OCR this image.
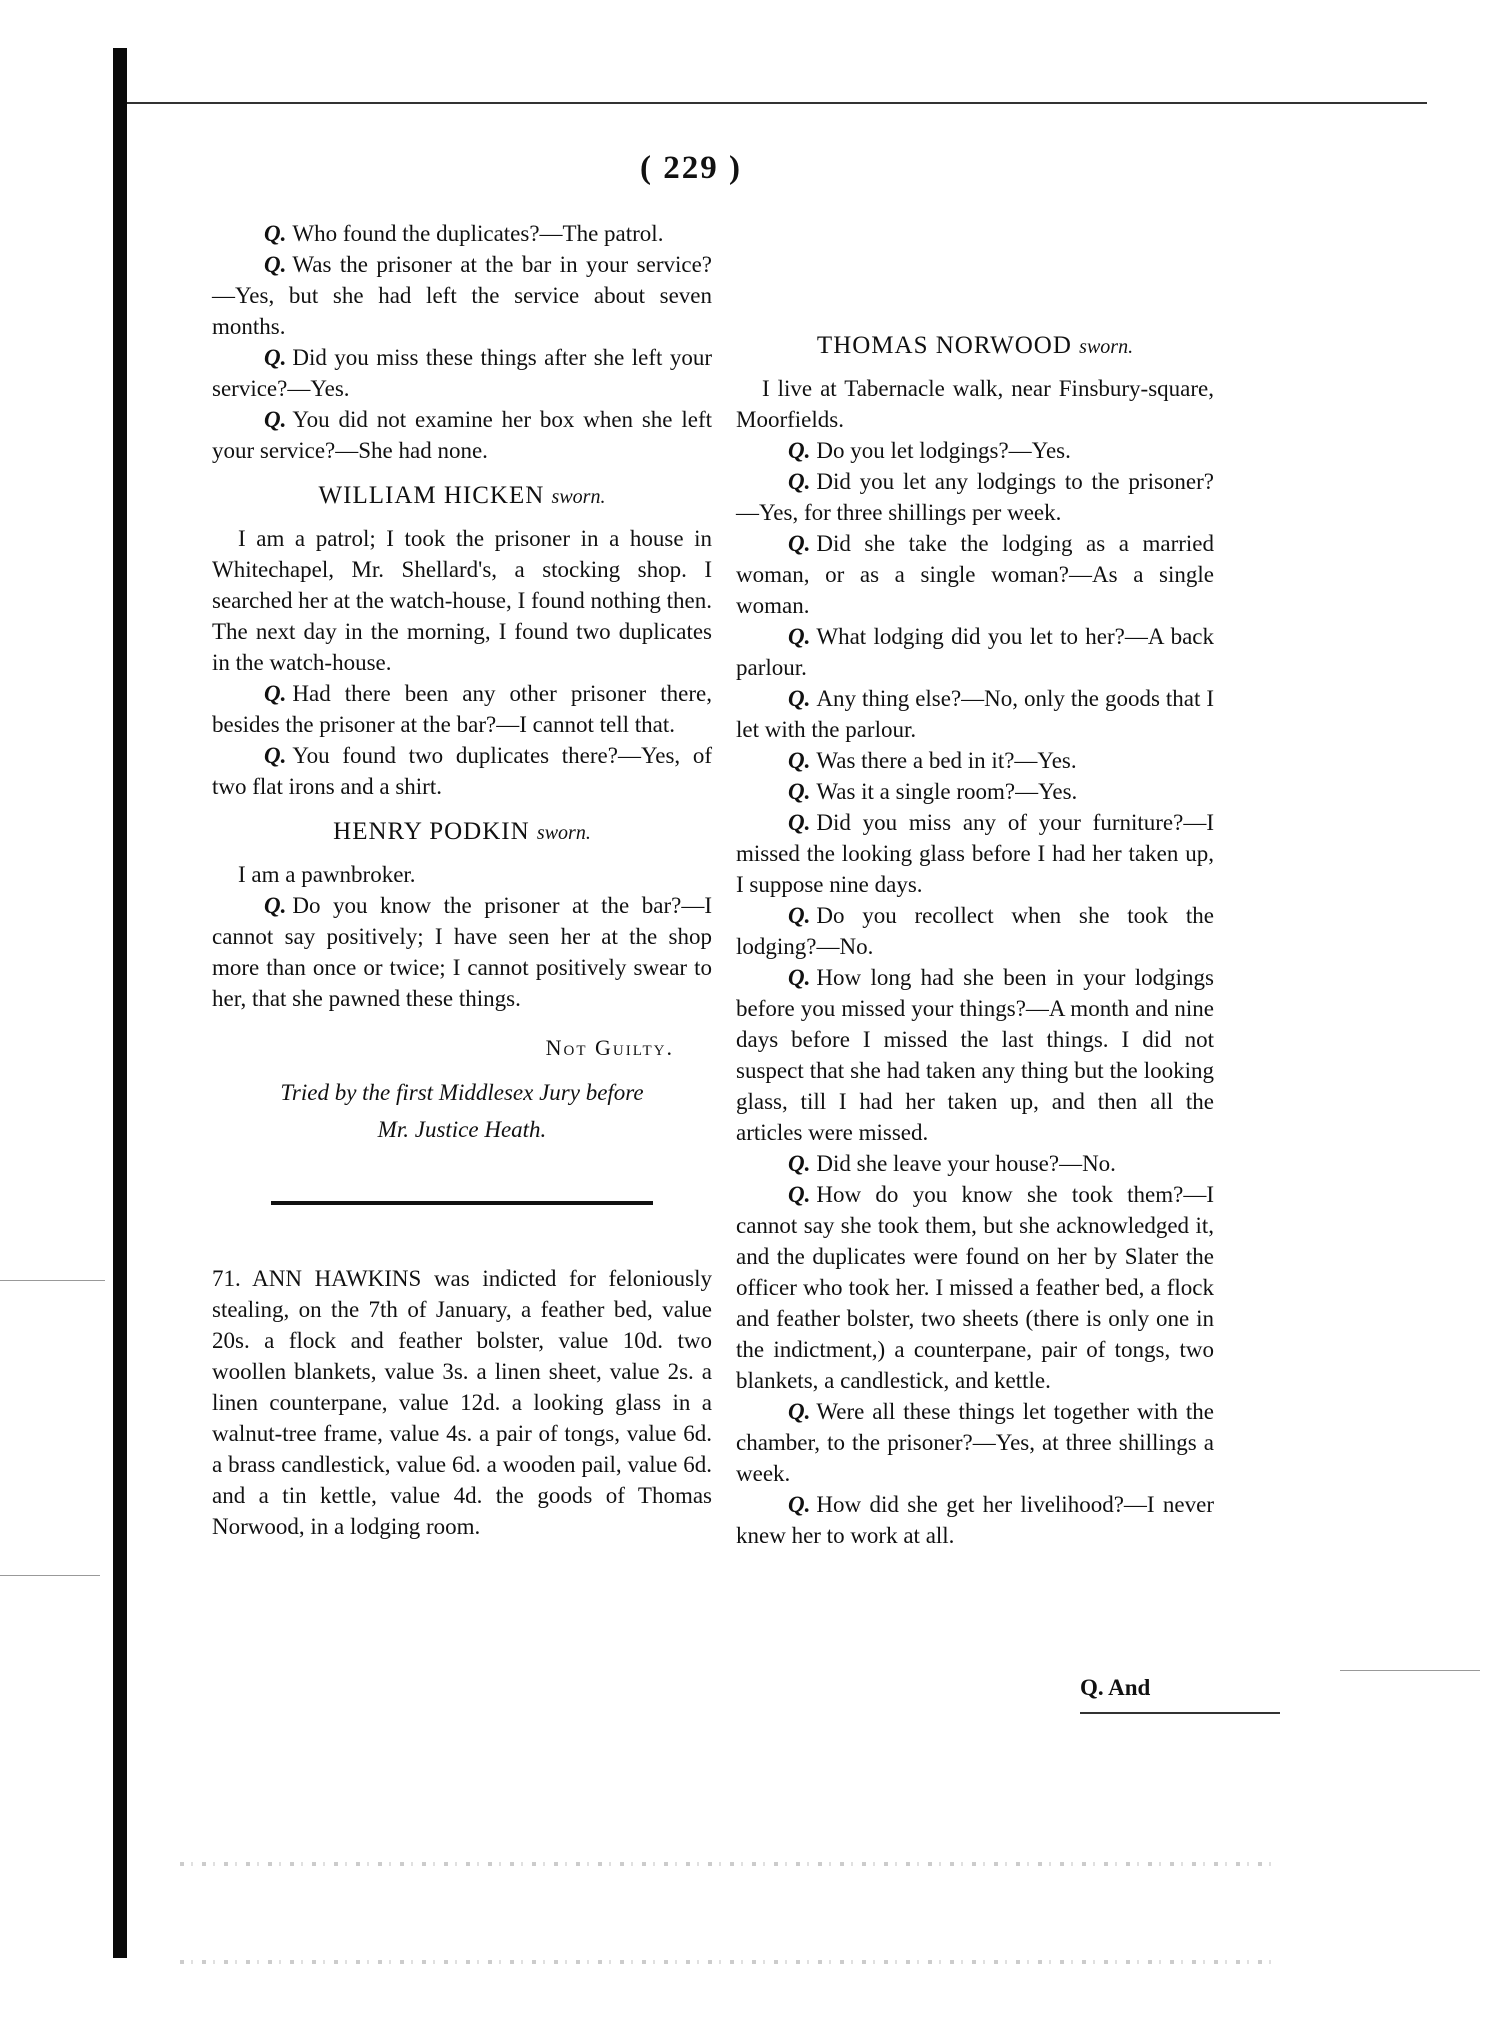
( 229 )

Q. Who found the duplicates?—The patrol.

Q. Was the prisoner at the bar in your service?—Yes, but she had left the service about seven months.

Q. Did you miss these things after she left your service?—Yes.

Q. You did not examine her box when she left your service?—She had none.

WILLIAM HICKEN sworn.

I am a patrol; I took the prisoner in a house in Whitechapel, Mr. Shellard's, a stocking shop. I searched her at the watch-house, I found nothing then. The next day in the morning, I found two duplicates in the watch-house.

Q. Had there been any other prisoner there, besides the prisoner at the bar?—I cannot tell that.

Q. You found two duplicates there?—Yes, of two flat irons and a shirt.

HENRY PODKIN sworn.

I am a pawnbroker.

Q. Do you know the prisoner at the bar?—I cannot say positively; I have seen her at the shop more than once or twice; I cannot positively swear to her, that she pawned these things.

Not Guilty.

Tried by the first Middlesex Jury before

Mr. Justice Heath.

71. ANN HAWKINS was indicted for feloniously stealing, on the 7th of January, a feather bed, value 20s. a flock and feather bolster, value 10d. two woollen blankets, value 3s. a linen sheet, value 2s. a linen counterpane, value 12d. a looking glass in a walnut-tree frame, value 4s. a pair of tongs, value 6d. a brass candlestick, value 6d. a wooden pail, value 6d. and a tin kettle, value 4d. the goods of Thomas Norwood, in a lodging room.

THOMAS NORWOOD sworn.

I live at Tabernacle walk, near Finsbury-square, Moorfields.

Q. Do you let lodgings?—Yes.

Q. Did you let any lodgings to the prisoner?—Yes, for three shillings per week.

Q. Did she take the lodging as a married woman, or as a single woman?—As a single woman.

Q. What lodging did you let to her?—A back parlour.

Q. Any thing else?—No, only the goods that I let with the parlour.

Q. Was there a bed in it?—Yes.

Q. Was it a single room?—Yes.

Q. Did you miss any of your furniture?—I missed the looking glass before I had her taken up, I suppose nine days.

Q. Do you recollect when she took the lodging?—No.

Q. How long had she been in your lodgings before you missed your things?—A month and nine days before I missed the last things. I did not suspect that she had taken any thing but the looking glass, till I had her taken up, and then all the articles were missed.

Q. Did she leave your house?—No.

Q. How do you know she took them?—I cannot say she took them, but she acknowledged it, and the duplicates were found on her by Slater the officer who took her. I missed a feather bed, a flock and feather bolster, two sheets (there is only one in the indictment,) a counterpane, pair of tongs, two blankets, a candlestick, and kettle.

Q. Were all these things let together with the chamber, to the prisoner?—Yes, at three shillings a week.

Q. How did she get her livelihood?—I never knew her to work at all.

Q. And
